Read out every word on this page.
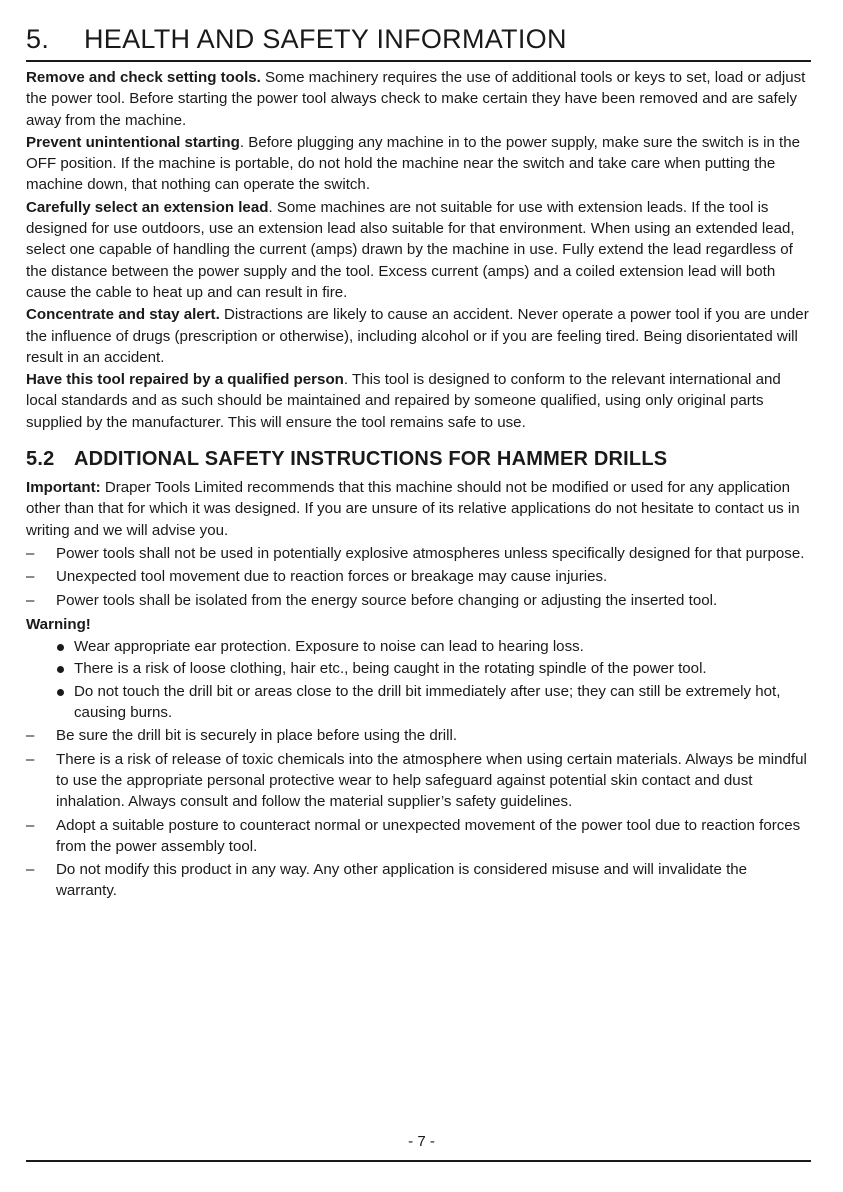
5. HEALTH AND SAFETY INFORMATION

Remove and check setting tools. Some machinery requires the use of additional tools or keys to set, load or adjust the power tool. Before starting the power tool always check to make certain they have been removed and are safely away from the machine.

Prevent unintentional starting. Before plugging any machine in to the power supply, make sure the switch is in the OFF position. If the machine is portable, do not hold the machine near the switch and take care when putting the machine down, that nothing can operate the switch.

Carefully select an extension lead. Some machines are not suitable for use with extension leads. If the tool is designed for use outdoors, use an extension lead also suitable for that environment. When using an extended lead, select one capable of handling the current (amps) drawn by the machine in use. Fully extend the lead regardless of the distance between the power supply and the tool. Excess current (amps) and a coiled extension lead will both cause the cable to heat up and can result in fire.

Concentrate and stay alert. Distractions are likely to cause an accident. Never operate a power tool if you are under the influence of drugs (prescription or otherwise), including alcohol or if you are feeling tired. Being disorientated will result in an accident.

Have this tool repaired by a qualified person. This tool is designed to conform to the relevant international and local standards and as such should be maintained and repaired by someone qualified, using only original parts supplied by the manufacturer. This will ensure the tool remains safe to use.

5.2 ADDITIONAL SAFETY INSTRUCTIONS FOR HAMMER DRILLS

Important: Draper Tools Limited recommends that this machine should not be modified or used for any application other than that for which it was designed. If you are unsure of its relative applications do not hesitate to contact us in writing and we will advise you.

– Power tools shall not be used in potentially explosive atmospheres unless specifically designed for that purpose.
– Unexpected tool movement due to reaction forces or breakage may cause injuries.
– Power tools shall be isolated from the energy source before changing or adjusting the inserted tool.
Warning!
Wear appropriate ear protection. Exposure to noise can lead to hearing loss.
There is a risk of loose clothing, hair etc., being caught in the rotating spindle of the power tool.
Do not touch the drill bit or areas close to the drill bit immediately after use; they can still be extremely hot, causing burns.
– Be sure the drill bit is securely in place before using the drill.
– There is a risk of release of toxic chemicals into the atmosphere when using certain materials. Always be mindful to use the appropriate personal protective wear to help safeguard against potential skin contact and dust inhalation. Always consult and follow the material supplier’s safety guidelines.
– Adopt a suitable posture to counteract normal or unexpected movement of the power tool due to reaction forces from the power assembly tool.
– Do not modify this product in any way. Any other application is considered misuse and will invalidate the warranty.
- 7 -
